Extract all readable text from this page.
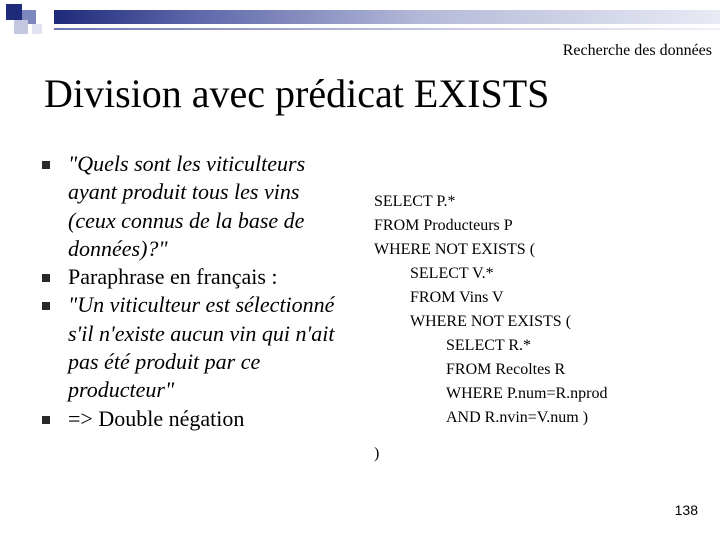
Recherche des données
Division avec prédicat EXISTS
"Quels sont les viticulteurs ayant produit tous les vins (ceux connus de la base de données)?"
Paraphrase en français :
"Un viticulteur est sélectionné s'il n'existe aucun vin qui n'ait pas été produit par ce producteur"
=> Double négation
SELECT P.*
FROM Producteurs P
WHERE NOT EXISTS (
SELECT V.*
FROM Vins V
WHERE NOT EXISTS (
SELECT R.*
FROM Recoltes R
WHERE P.num=R.nprod
AND R.nvin=V.num )
)
138
